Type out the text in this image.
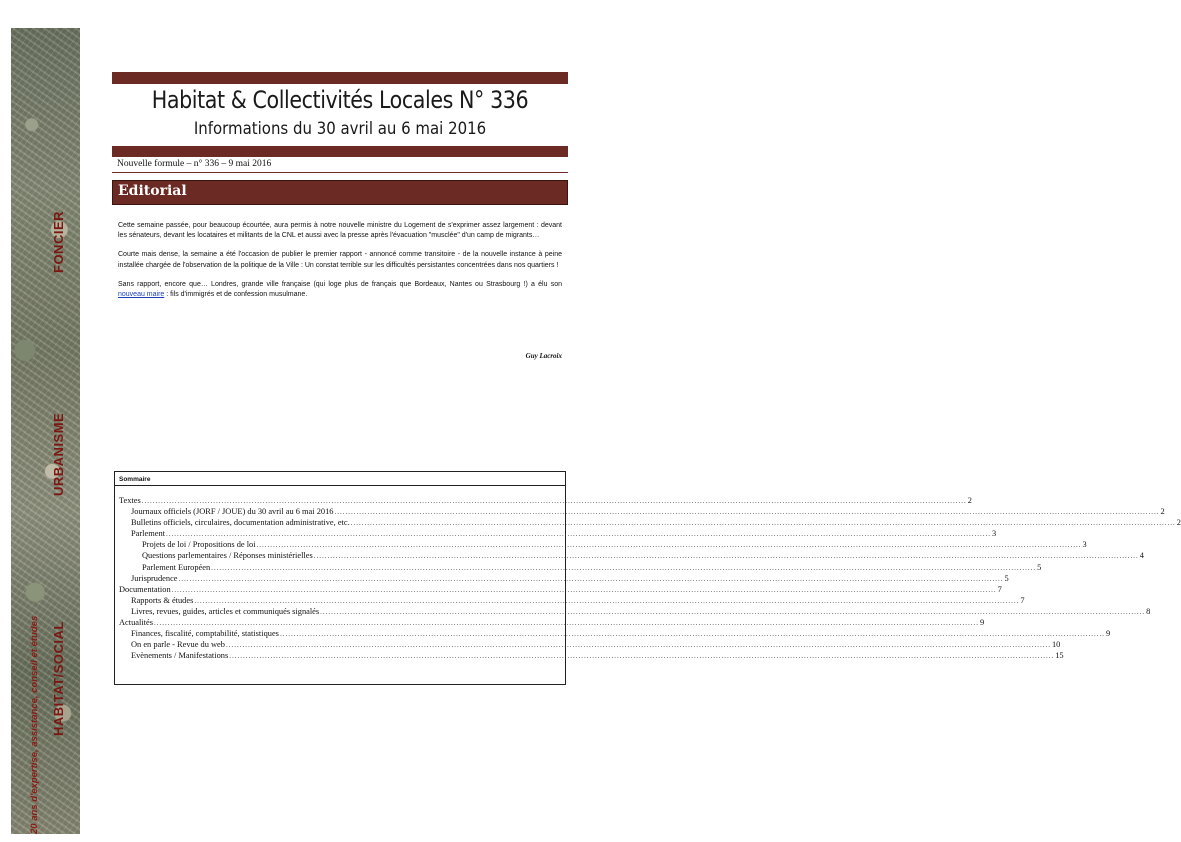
FONCIER
URBANISME
HABITAT/SOCIAL
20 ans d'expertise, assistance, conseil et études
Habitat & Collectivités Locales N° 336
Informations du 30 avril au 6 mai 2016
Nouvelle formule – n° 336 – 9 mai 2016
Editorial

Cette semaine passée, pour beaucoup écourtée, aura permis à notre nouvelle ministre du Logement de s'exprimer assez largement : devant les sénateurs, devant les locataires et militants de la CNL et aussi avec la presse après l'évacuation "musclée" d'un camp de migrants…

Courte mais dense, la semaine a été l'occasion de publier le premier rapport - annoncé comme transitoire - de la nouvelle instance à peine installée chargée de l'observation de la politique de la Ville : Un constat terrible sur les difficultés persistantes concentrées dans nos quartiers !

Sans rapport, encore que… Londres, grande ville française (qui loge plus de français que Bordeaux, Nantes ou Strasbourg !) a élu son nouveau maire : fils d'immigrés et de confession musulmane.

Guy Lacroix
Sommaire
Textes ............................................................................................................................................................................................................................................................................................................ 2
Journaux officiels (JORF / JOUE) du 30 avril au 6 mai 2016 ............................................................................................................................................................................................................................................................................................................ 2
Bulletins officiels, circulaires, documentation administrative, etc. ............................................................................................................................................................................................................................................................................................................ 2
Parlement ............................................................................................................................................................................................................................................................................................................ 3
Projets de loi / Propositions de loi ............................................................................................................................................................................................................................................................................................................ 3
Questions parlementaires / Réponses ministérielles ............................................................................................................................................................................................................................................................................................................ 4
Parlement Européen ............................................................................................................................................................................................................................................................................................................ 5
Jurisprudence ............................................................................................................................................................................................................................................................................................................ 5
Documentation ............................................................................................................................................................................................................................................................................................................ 7
Rapports & études ............................................................................................................................................................................................................................................................................................................ 7
Livres, revues, guides, articles et communiqués signalés ............................................................................................................................................................................................................................................................................................................ 8
Actualités ............................................................................................................................................................................................................................................................................................................ 9
Finances, fiscalité, comptabilité, statistiques ............................................................................................................................................................................................................................................................................................................ 9
On en parle - Revue du web ............................................................................................................................................................................................................................................................................................................ 10
Evènements / Manifestations ............................................................................................................................................................................................................................................................................................................ 15
